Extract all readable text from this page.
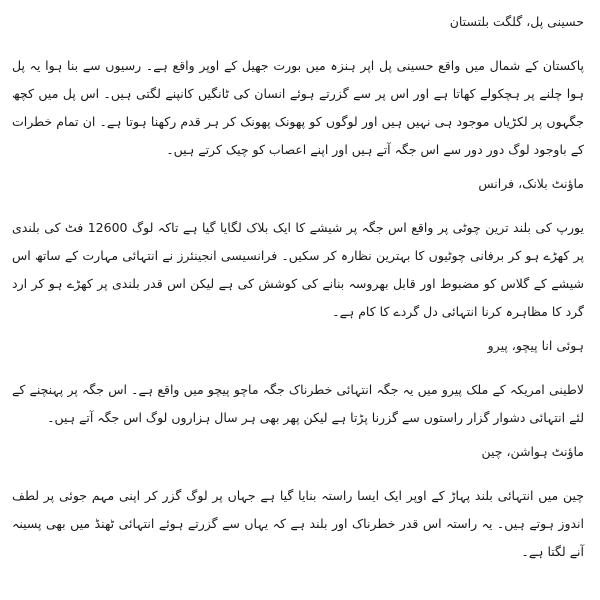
حسینی پل، گلگت بلتستان

پاکستان کے شمال میں واقع حسینی پل اپر ہنزہ میں بورت جھیل کے اوپر واقع ہے۔ رسیوں سے بنا ہوا یہ پل ہوا چلنے پر ہچکولے کھاتا ہے اور اس پر سے گزرتے ہوئے انسان کی ٹانگیں کانپنے لگتی ہیں۔ اس پل میں کچھ جگہوں پر لکڑیاں موجود ہی نہیں ہیں اور لوگوں کو پھونک پھونک کر ہر قدم رکھنا ہوتا ہے۔ ان تمام خطرات کے باوجود لوگ دور دور سے اس جگہ آتے ہیں اور اپنے اعصاب کو چیک کرتے ہیں۔

ماؤنٹ بلانک، فرانس

یورپ کی بلند ترین چوٹی پر واقع اس جگہ پر شیشے کا ایک بلاک لگایا گیا ہے تاکہ لوگ 12600 فٹ کی بلندی پر کھڑے ہو کر برفانی چوٹیوں کا بہترین نظارہ کر سکیں۔ فرانسیسی انجینئرز نے انتہائی مہارت کے ساتھ اس شیشے کے گلاس کو مضبوط اور قابل بھروسہ بنانے کی کوشش کی ہے لیکن اس قدر بلندی پر کھڑے ہو کر ارد گرد کا مظاہرہ کرنا انتہائی دل گردے کا کام ہے۔

ہوئی انا پیچو، پیرو

لاطینی امریکہ کے ملک پیرو میں یہ جگہ انتہائی خطرناک جگہ ماچو پیچو میں واقع ہے۔ اس جگہ پر پہنچنے کے لئے انتہائی دشوار گزار راستوں سے گزرنا پڑتا ہے لیکن پھر بھی ہر سال ہزاروں لوگ اس جگہ آتے ہیں۔

ماؤنٹ ہواشن، چین

چین میں انتہائی بلند پہاڑ کے اوپر ایک ایسا راستہ بنایا گیا ہے جہاں پر لوگ گزر کر اپنی مہم جوئی پر لطف اندوز ہوتے ہیں۔ یہ راستہ اس قدر خطرناک اور بلند ہے کہ یہاں سے گزرتے ہوئے انتہائی ٹھنڈ میں بھی پسینہ آنے لگتا ہے۔
